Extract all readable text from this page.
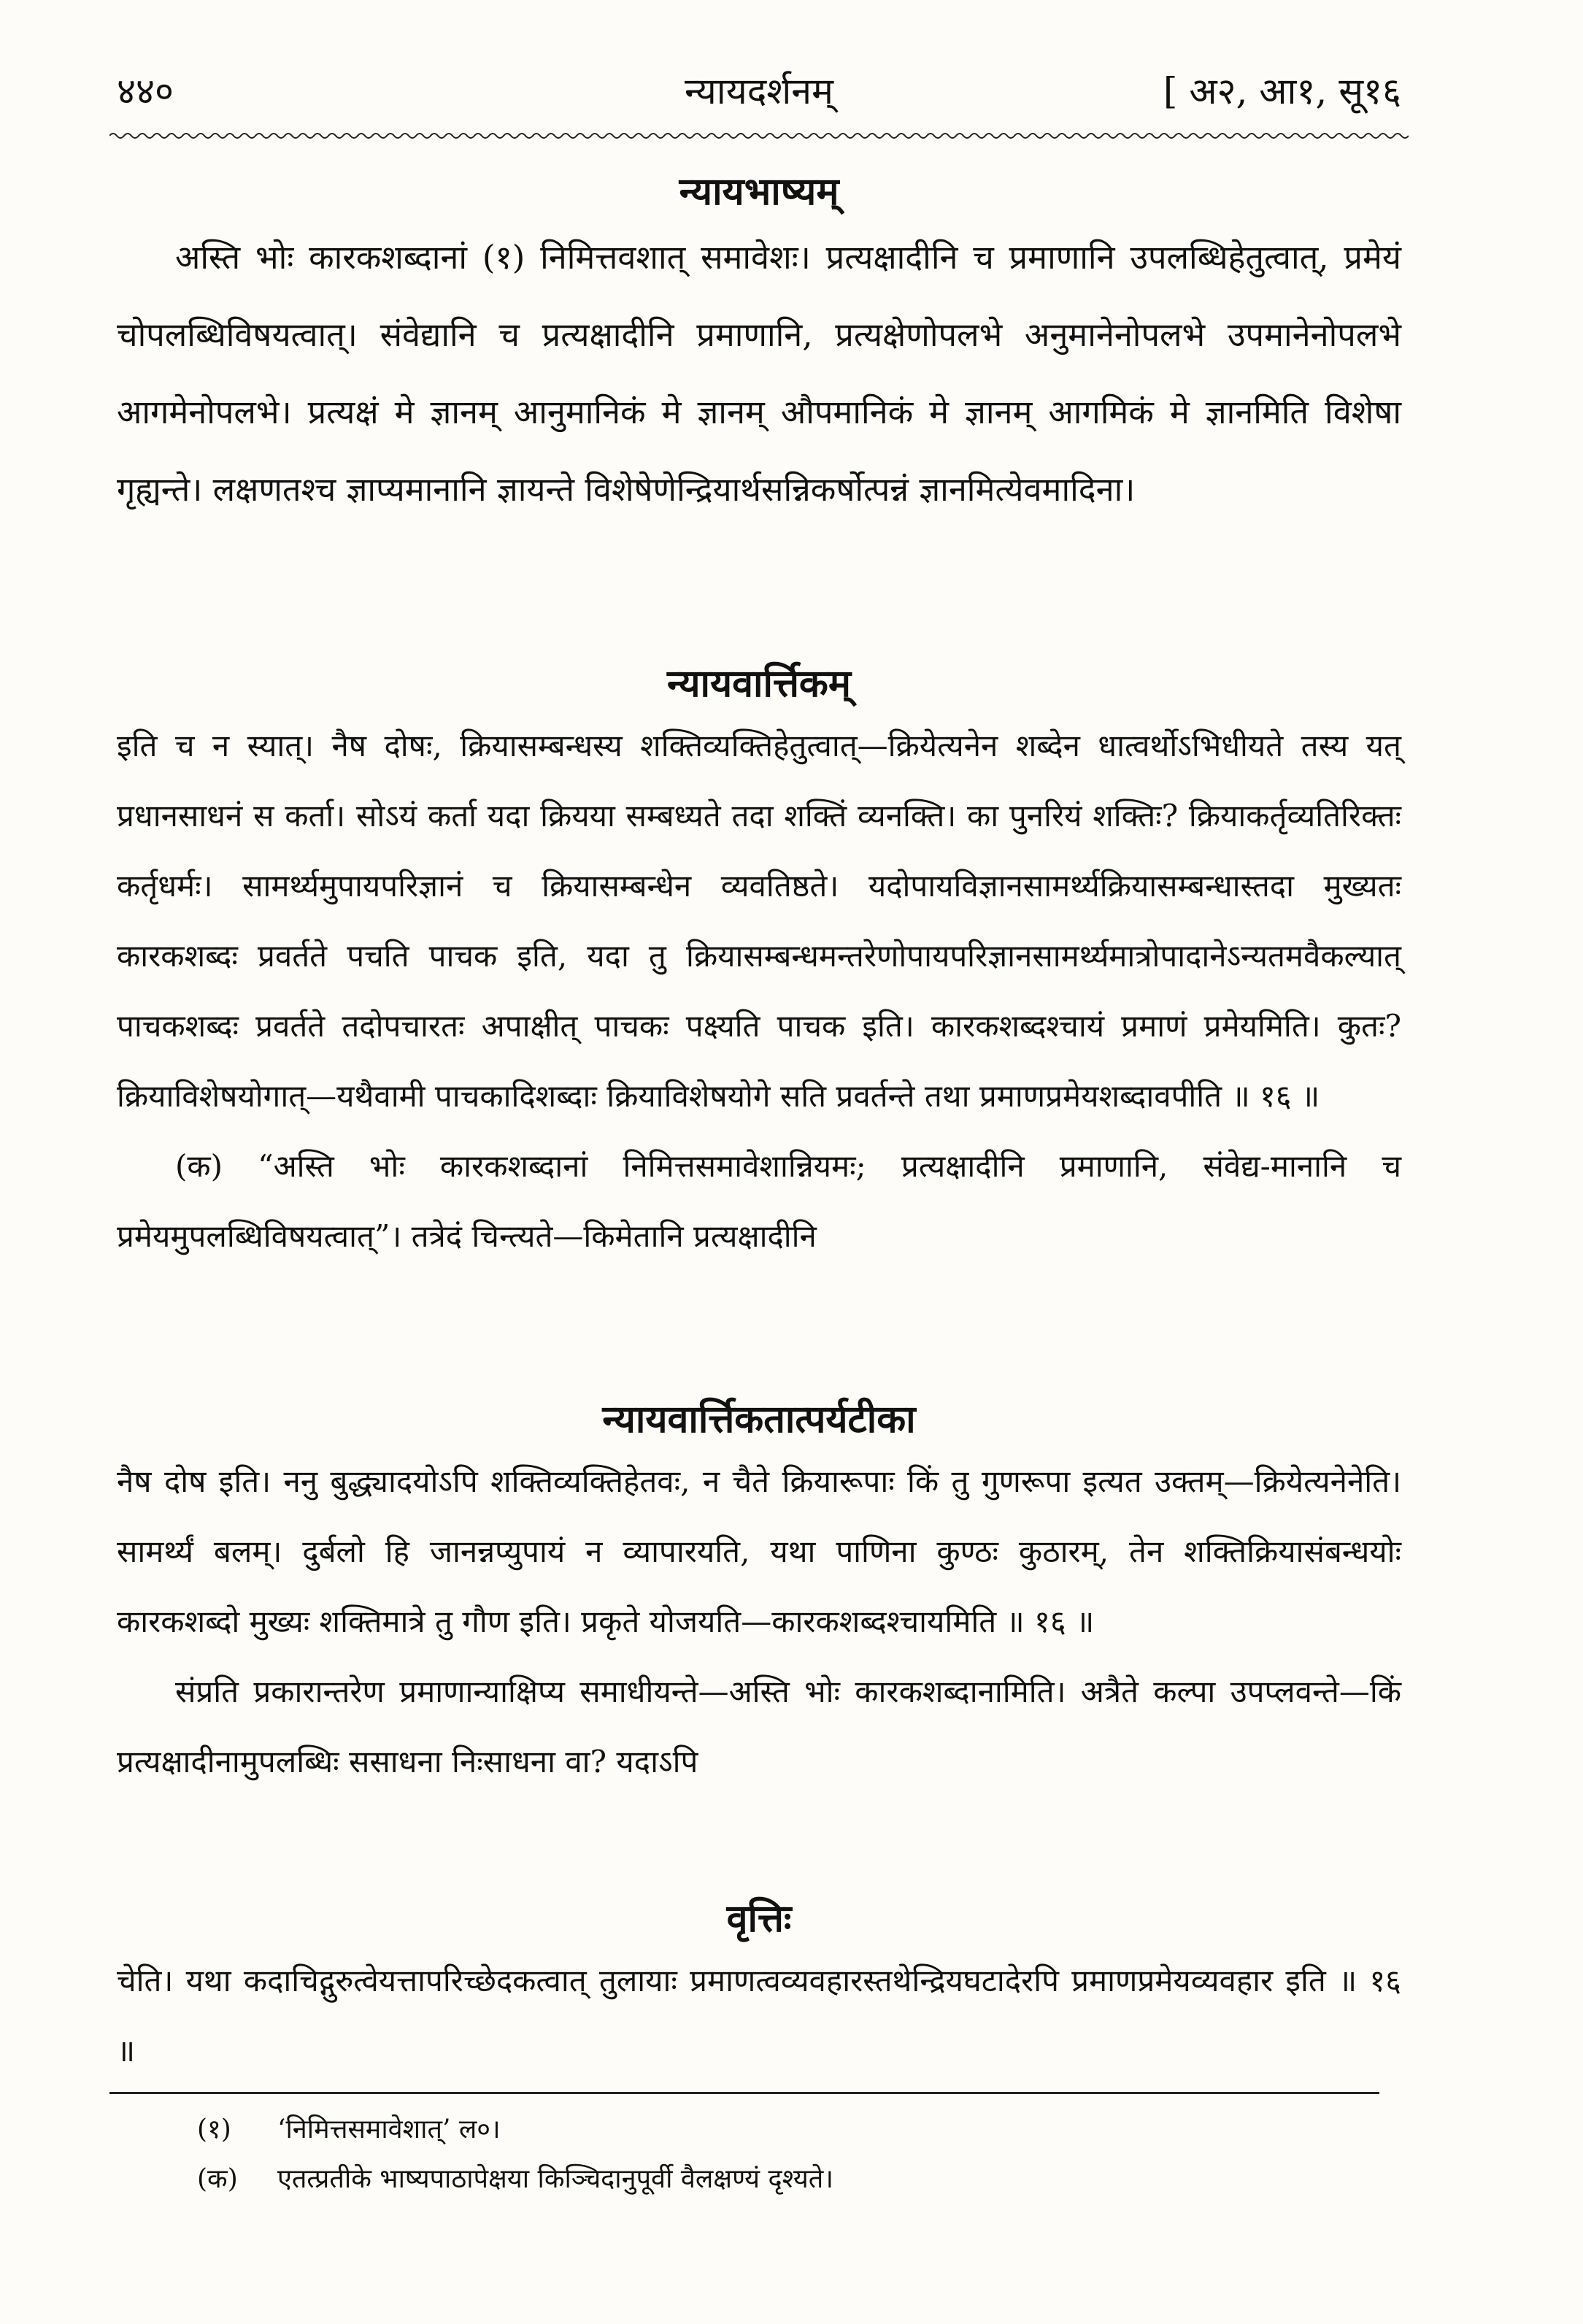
४४०	न्यायदर्शनम्	[ अ२, आ१, सू१६
न्यायभाष्यम्

अस्ति भोः कारकशब्दानां (१) निमित्तवशात् समावेशः। प्रत्यक्षादीनि च प्रमाणानि उपलब्धिहेतुत्वात्, प्रमेयं चोपलब्धिविषयत्वात्। संवेद्यानि च प्रत्यक्षादीनि प्रमाणानि, प्रत्यक्षेणोपलभे अनुमानेनोपलभे उपमानेनोपलभे आगमेनोपलभे। प्रत्यक्षं मे ज्ञानम् आनुमानिकं मे ज्ञानम् औपमानिकं मे ज्ञानम् आगमिकं मे ज्ञानमिति विशेषा गृह्यन्ते। लक्षणतश्च ज्ञाप्यमानानि ज्ञायन्ते विशेषेणेन्द्रियार्थसन्निकर्षोत्पन्नं ज्ञानमित्येवमादिना।

न्यायवार्त्तिकम्

इति च न स्यात्। नैष दोषः, क्रियासम्बन्धस्य शक्तिव्यक्तिहेतुत्वात्—क्रियेत्यनेन शब्देन धात्वर्थोऽभिधीयते तस्य यत् प्रधानसाधनं स कर्ता। सोऽयं कर्ता यदा क्रियया सम्बध्यते तदा शक्तिं व्यनक्ति। का पुनरियं शक्तिः? क्रियाकर्तृव्यतिरिक्तः कर्तृधर्मः। सामर्थ्यमुपायपरिज्ञानं च क्रियासम्बन्धेन व्यवतिष्ठते। यदोपायविज्ञानसामर्थ्यक्रियासम्बन्धास्तदा मुख्यतः कारकशब्दः प्रवर्तते पचति पाचक इति, यदा तु क्रियासम्बन्धमन्तरेणोपायपरिज्ञानसामर्थ्यमात्रोपादानेऽन्यतमवैकल्यात् पाचकशब्दः प्रवर्तते तदोपचारतः अपाक्षीत् पाचकः पक्ष्यति पाचक इति। कारकशब्दश्चायं प्रमाणं प्रमेयमिति। कुतः? क्रियाविशेषयोगात्—यथैवामी पाचकादिशब्दाः क्रियाविशेषयोगे सति प्रवर्तन्ते तथा प्रमाणप्रमेयशब्दावपीति ॥ १६ ॥

(क) “अस्ति भोः कारकशब्दानां निमित्तसमावेशान्नियमः; प्रत्यक्षादीनि प्रमाणानि, संवेद्य-मानानि च प्रमेयमुपलब्धिविषयत्वात्”। तत्रेदं चिन्त्यते—किमेतानि प्रत्यक्षादीनि

न्यायवार्त्तिकतात्पर्यटीका

नैष दोष इति। ननु बुद्ध्यादयोऽपि शक्तिव्यक्तिहेतवः, न चैते क्रियारूपाः किं तु गुणरूपा इत्यत उक्तम्—क्रियेत्यनेनेति। सामर्थ्यं बलम्। दुर्बलो हि जानन्नप्युपायं न व्यापारयति, यथा पाणिना कुण्ठः कुठारम्, तेन शक्तिक्रियासंबन्धयोः कारकशब्दो मुख्यः शक्तिमात्रे तु गौण इति। प्रकृते योजयति—कारकशब्दश्चायमिति ॥ १६ ॥

संप्रति प्रकारान्तरेण प्रमाणान्याक्षिप्य समाधीयन्ते—अस्ति भोः कारकशब्दानामिति। अत्रैते कल्पा उपप्लवन्ते—किं प्रत्यक्षादीनामुपलब्धिः ससाधना निःसाधना वा? यदाऽपि

वृत्तिः

चेति। यथा कदाचिद्गुरुत्वेयत्तापरिच्छेदकत्वात् तुलायाः प्रमाणत्वव्यवहारस्तथेन्द्रियघटादेरपि प्रमाणप्रमेयव्यवहार इति ॥ १६ ॥

(१)	‘निमित्तसमावेशात्’ ल०।
(क)	एतत्प्रतीके भाष्यपाठापेक्षया किञ्चिदानुपूर्वी वैलक्षण्यं दृश्यते।
